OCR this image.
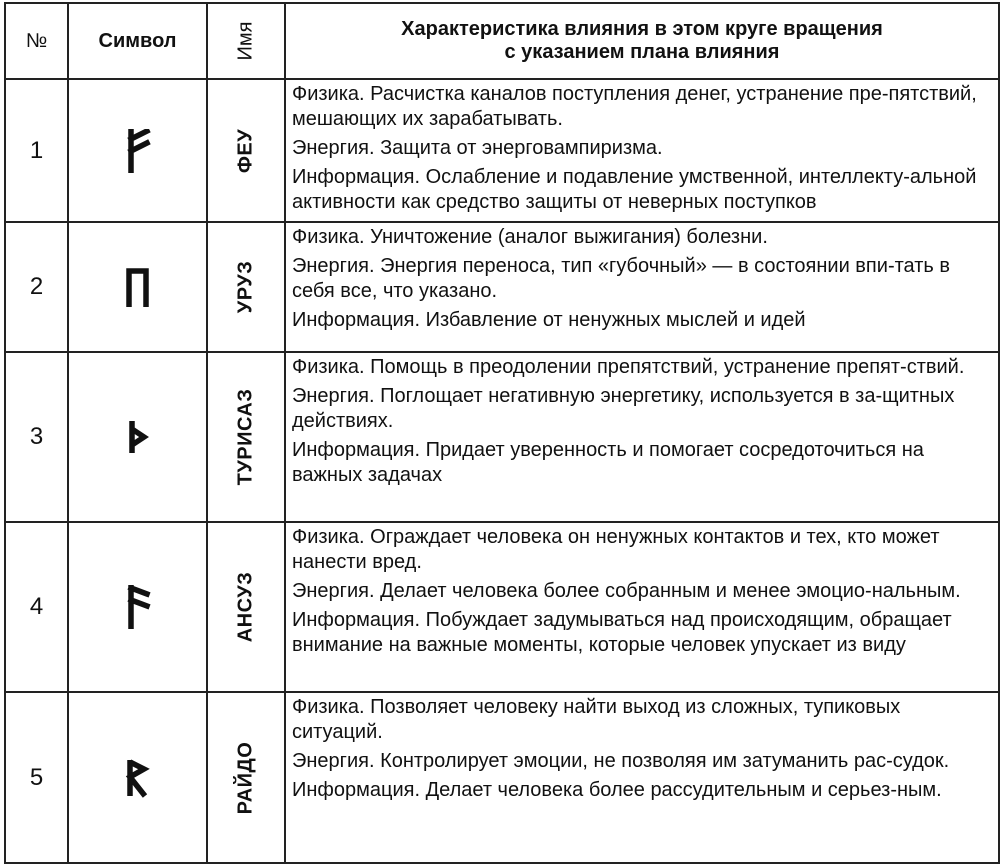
№	Символ	Имя	Характеристика влияния в этом круге вращения
с указанием плана влияния

1		ФЕУ	Физика. Расчистка каналов поступления денег, устранение пре-пятствий, мешающих их зарабатывать.

Энергия. Защита от энерговампиризма.

Информация. Ослабление и подавление умственной, интеллекту-альной активности как средство защиты от неверных поступков

2		УРУЗ	Физика. Уничтожение (аналог выжигания) болезни.

Энергия. Энергия переноса, тип «губочный» — в состоянии впи-тать в себя все, что указано.

Информация. Избавление от ненужных мыслей и идей

3		ТУРИСАЗ	Физика. Помощь в преодолении препятствий, устранение препят-ствий.

Энергия. Поглощает негативную энергетику, используется в за-щитных действиях.

Информация. Придает уверенность и помогает сосредоточиться на важных задачах

4		АНСУЗ	Физика. Ограждает человека он ненужных контактов и тех, кто может нанести вред.

Энергия. Делает человека более собранным и менее эмоцио-нальным.

Информация. Побуждает задумываться над происходящим, обращает внимание на важные моменты, которые человек упускает из виду

5		РАЙДО	Физика. Позволяет человеку найти выход из сложных, тупиковых ситуаций.

Энергия. Контролирует эмоции, не позволяя им затуманить рас-судок.

Информация. Делает человека более рассудительным и серьез-ным.
